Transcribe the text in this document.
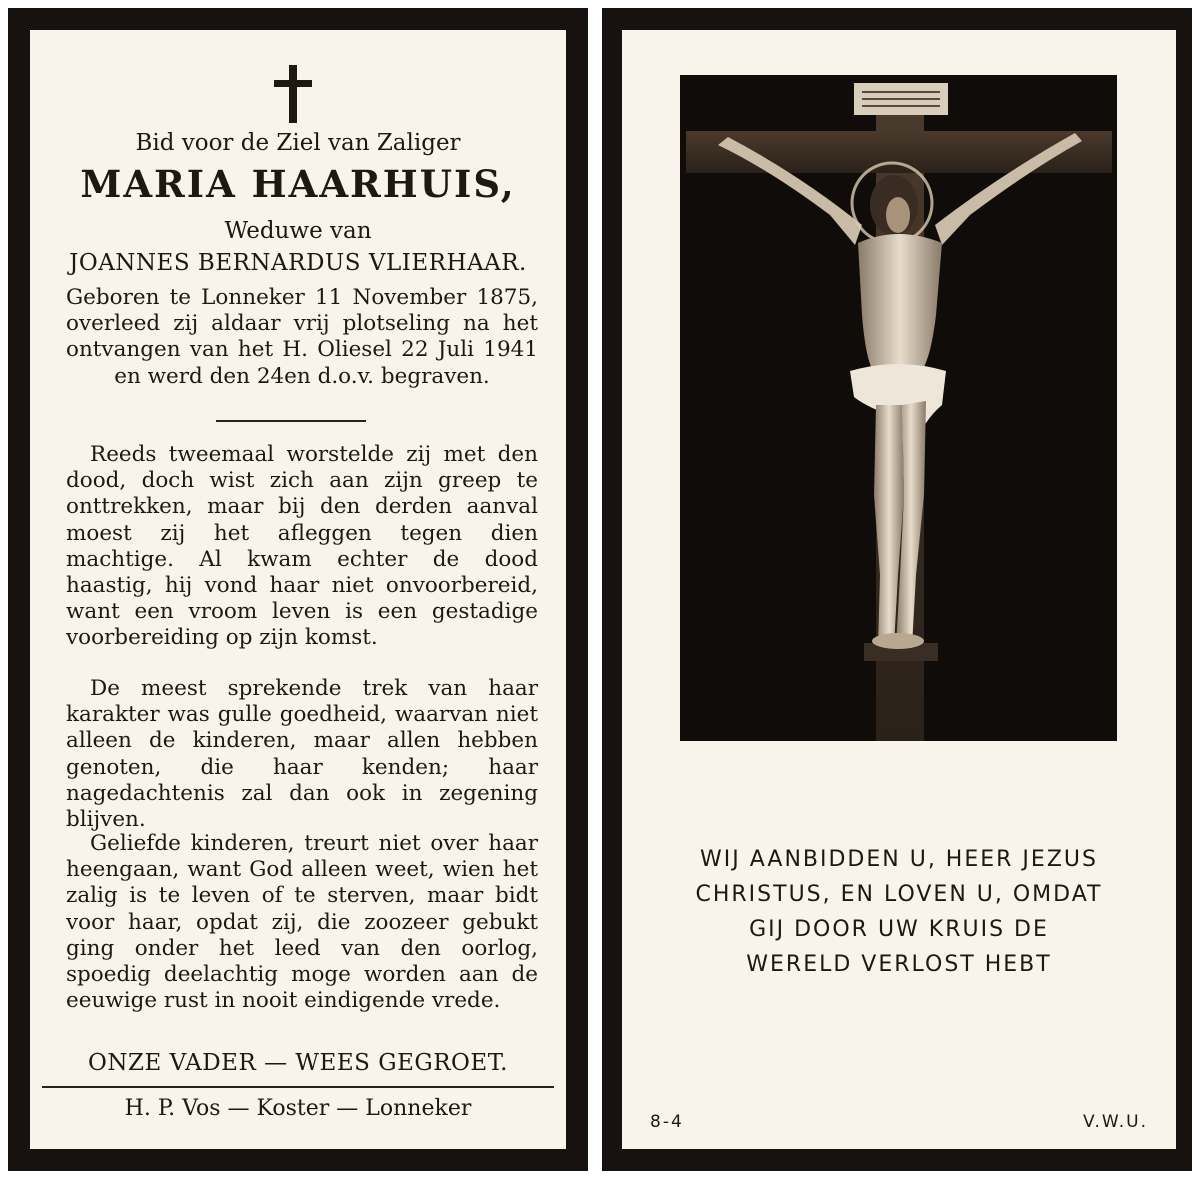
Bid voor de Ziel van Zaliger
MARIA HAARHUIS,
Weduwe van
JOANNES BERNARDUS VLIERHAAR.
Geboren te Lonneker 11 November 1875, overleed zij aldaar vrij plotseling na het ontvangen van het H. Oliesel 22 Juli 1941 en werd den 24en d.o.v. begraven.
Reeds tweemaal worstelde zij met den dood, doch wist zich aan zijn greep te onttrekken, maar bij den derden aanval moest zij het afleggen tegen dien machtige. Al kwam echter de dood haastig, hij vond haar niet onvoorbereid, want een vroom leven is een gestadige voorbereiding op zijn komst.
De meest sprekende trek van haar karakter was gulle goedheid, waarvan niet alleen de kinderen, maar allen hebben genoten, die haar kenden; haar nagedachtenis zal dan ook in zegening blijven.
Geliefde kinderen, treurt niet over haar heengaan, want God alleen weet, wien het zalig is te leven of te sterven, maar bidt voor haar, opdat zij, die zoozeer gebukt ging onder het leed van den oorlog, spoedig deelachtig moge worden aan de eeuwige rust in nooit eindigende vrede.
ONZE VADER — WEES GEGROET.
H. P. Vos — Koster — Lonneker
WIJ AANBIDDEN U, HEER JEZUS
CHRISTUS, EN LOVEN U, OMDAT
GIJ DOOR UW KRUIS DE
WERELD VERLOST HEBT
8-4	V.W.U.
